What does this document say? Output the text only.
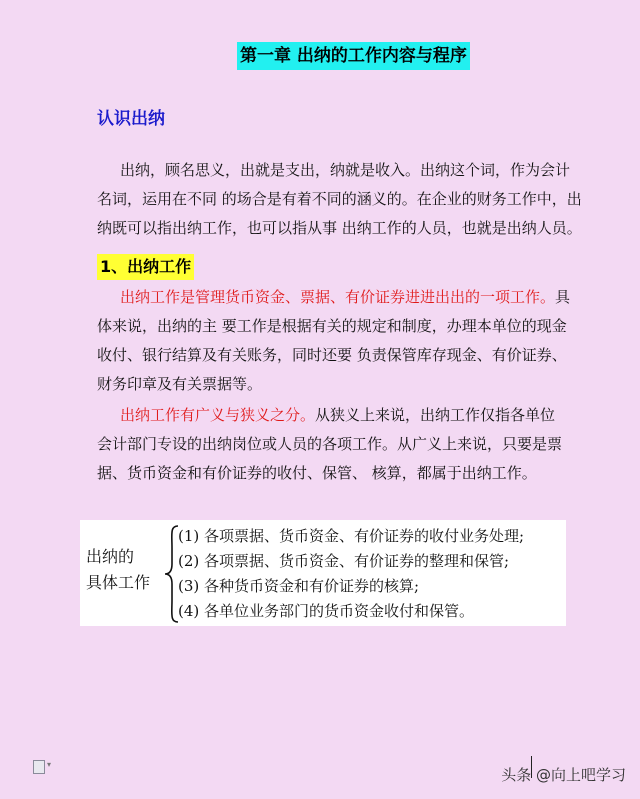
第一章 出纳的工作内容与程序
认识出纳

出纳，顾名思义，出就是支出，纳就是收入。出纳这个词，作为会计
名词，运用在不同 的场合是有着不同的涵义的。在企业的财务工作中，出
纳既可以指出纳工作，也可以指从事 出纳工作的人员，也就是出纳人员。

1、出纳工作

出纳工作是管理货币资金、票据、有价证券进进出出的一项工作。具
体来说，出纳的主 要工作是根据有关的规定和制度，办理本单位的现金
收付、银行结算及有关账务，同时还要 负责保管库存现金、有价证券、
财务印章及有关票据等。

出纳工作有广义与狭义之分。从狭义上来说，出纳工作仅指各单位
会计部门专设的出纳岗位或人员的各项工作。从广义上来说，只要是票
据、货币资金和有价证券的收付、保管、 核算，都属于出纳工作。

出纳的
具体工作
(1) 各项票据、货币资金、有价证券的收付业务处理;
(2) 各项票据、货币资金、有价证券的整理和保管;
(3) 各种货币资金和有价证券的核算;
(4) 各单位业务部门的货币资金收付和保管。
▾
头条 @向上吧学习
